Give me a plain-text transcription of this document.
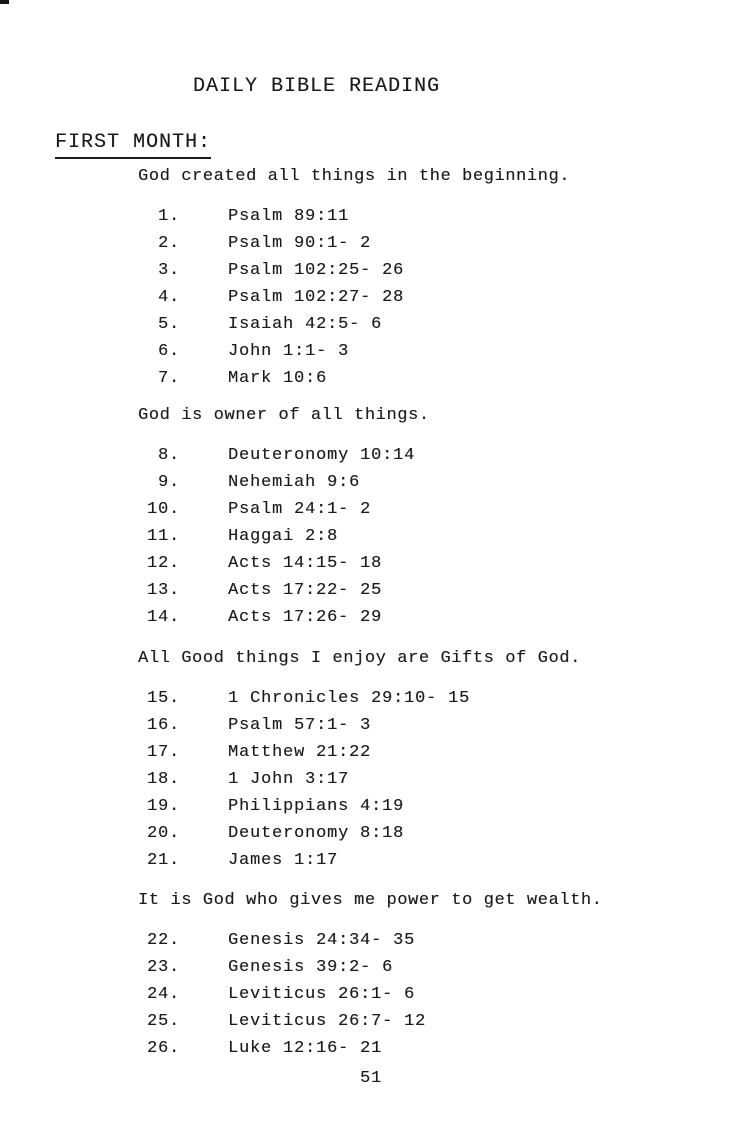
DAILY BIBLE READING
FIRST MONTH:

God created all things in the beginning.

1.	Psalm 89:11
2.	Psalm 90:1- 2
3.	Psalm 102:25- 26
4.	Psalm 102:27- 28
5.	Isaiah 42:5- 6
6.	John 1:1- 3
7.	Mark 10:6

God is owner of all things.

8.	Deuteronomy 10:14
9.	Nehemiah 9:6
10.	Psalm 24:1- 2
11.	Haggai 2:8
12.	Acts 14:15- 18
13.	Acts 17:22- 25
14.	Acts 17:26- 29

All Good things I enjoy are Gifts of God.

15.	1 Chronicles 29:10- 15
16.	Psalm 57:1- 3
17.	Matthew 21:22
18.	1 John 3:17
19.	Philippians 4:19
20.	Deuteronomy 8:18
21.	James 1:17

It is God who gives me power to get wealth.

22.	Genesis 24:34- 35
23.	Genesis 39:2- 6
24.	Leviticus 26:1- 6
25.	Leviticus 26:7- 12
26.	Luke 12:16- 21
51
